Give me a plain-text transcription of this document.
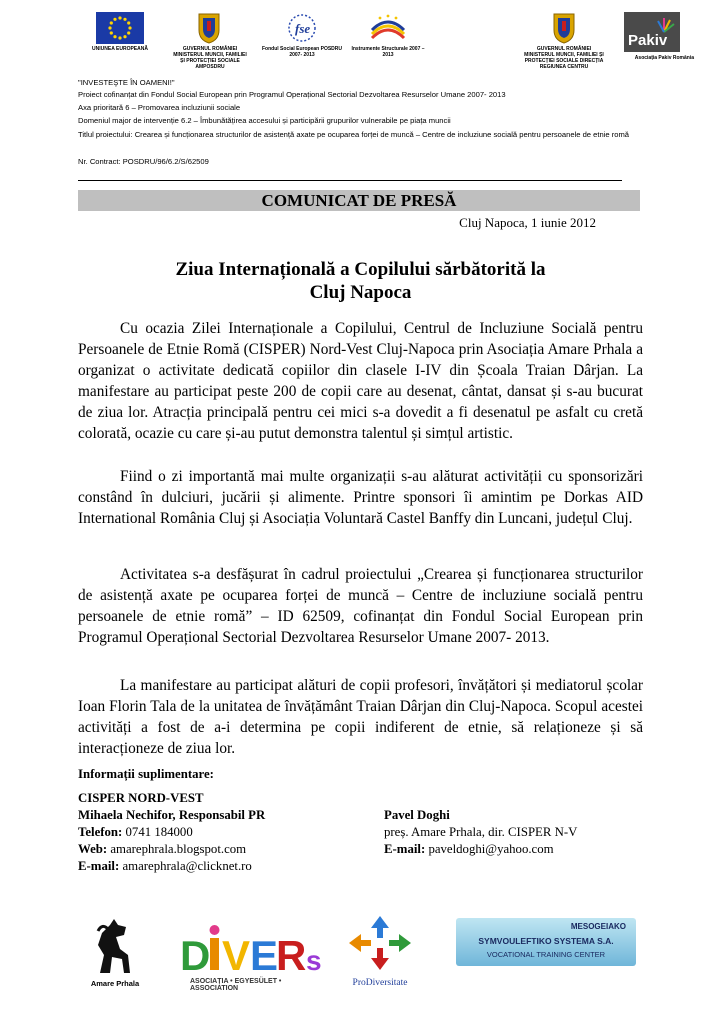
UNIUNEA EUROPEANĂ	GUVERNUL ROMÂNIEI MINISTERUL MUNCII, FAMILIEI ȘI PROTECȚIEI SOCIALE AMPOSDRU
fse
Fondul Social European POSDRU 2007- 2013
Instrumente Structurale 2007 – 2013
GUVERNUL ROMÂNIEI MINISTERUL MUNCII, FAMILIEI ȘI PROTECȚIEI SOCIALE DIRECȚIA REGIUNEA CENTRU
Pakiv
Asociația Pakiv România
"INVESTEŞTE ÎN OAMENI!"
Proiect cofinanțat din Fondul Social European prin Programul Operațional Sectorial Dezvoltarea Resurselor Umane 2007- 2013
Axa prioritară 6 – Promovarea incluziunii sociale
Domeniul major de intervenție 6.2 – Îmbunătățirea accesului și participării grupurilor vulnerabile pe piața muncii
Titlul proiectului: Crearea și funcționarea structurilor de asistență axate pe ocuparea forței de muncă – Centre de incluziune socială pentru persoanele de etnie romă
Nr. Contract: POSDRU/96/6.2/S/62509
COMUNICAT DE PRESĂ
Cluj Napoca, 1 iunie 2012
Ziua Internațională a Copilului sărbătorită la
Cluj Napoca
Cu ocazia Zilei Internaționale a Copilului, Centrul de Incluziune Socială pentru Persoanele de Etnie Romă (CISPER) Nord-Vest Cluj-Napoca prin Asociația Amare Prhala a organizat o activitate dedicată copiilor din clasele I-IV din Școala Traian Dârjan. La manifestare au participat peste 200 de copii care au desenat, cântat, dansat și s-au bucurat de ziua lor. Atracția principală pentru cei mici s-a dovedit a fi desenatul pe asfalt cu cretă colorată, ocazie cu care și-au putut demonstra talentul și simțul artistic.
Fiind o zi importantă mai multe organizații s-au alăturat activității cu sponsorizări constând în dulciuri, jucării și alimente. Printre sponsori îi amintim pe Dorkas AID International România Cluj și Asociația Voluntară Castel Banffy din Luncani, județul Cluj.
Activitatea s-a desfășurat în cadrul proiectului „Crearea și funcționarea structurilor de asistență axate pe ocuparea forței de muncă – Centre de incluziune socială pentru persoanele de etnie romă” – ID 62509, cofinanțat din Fondul Social European prin Programul Operațional Sectorial Dezvoltarea Resurselor Umane 2007- 2013.
La manifestare au participat alături de copii profesori, învățători și mediatorul școlar Ioan Florin Tala de la unitatea de învățământ Traian Dârjan din Cluj-Napoca. Scopul acestei activități a fost de a-i determina pe copii indiferent de etnie, să relaționeze și să interacționeze de ziua lor.
Informații suplimentare:
CISPER NORD-VEST
Mihaela Nechifor, Responsabil PR
Telefon: 0741 184000
Web: amarephrala.blogspot.com
E-mail: amarephrala@clicknet.ro
Pavel Doghi
preș. Amare Prhala, dir. CISPER N-V
E-mail: paveldoghi@yahoo.com
Amare Prhala
D V E
R s
ASOCIAȚIA • EGYESÜLET • ASSOCIATION
ProDiversitate
MESOGEIAKO
SYMVOULEFTIKO SYSTEMA S.A.
VOCATIONAL TRAINING CENTER
